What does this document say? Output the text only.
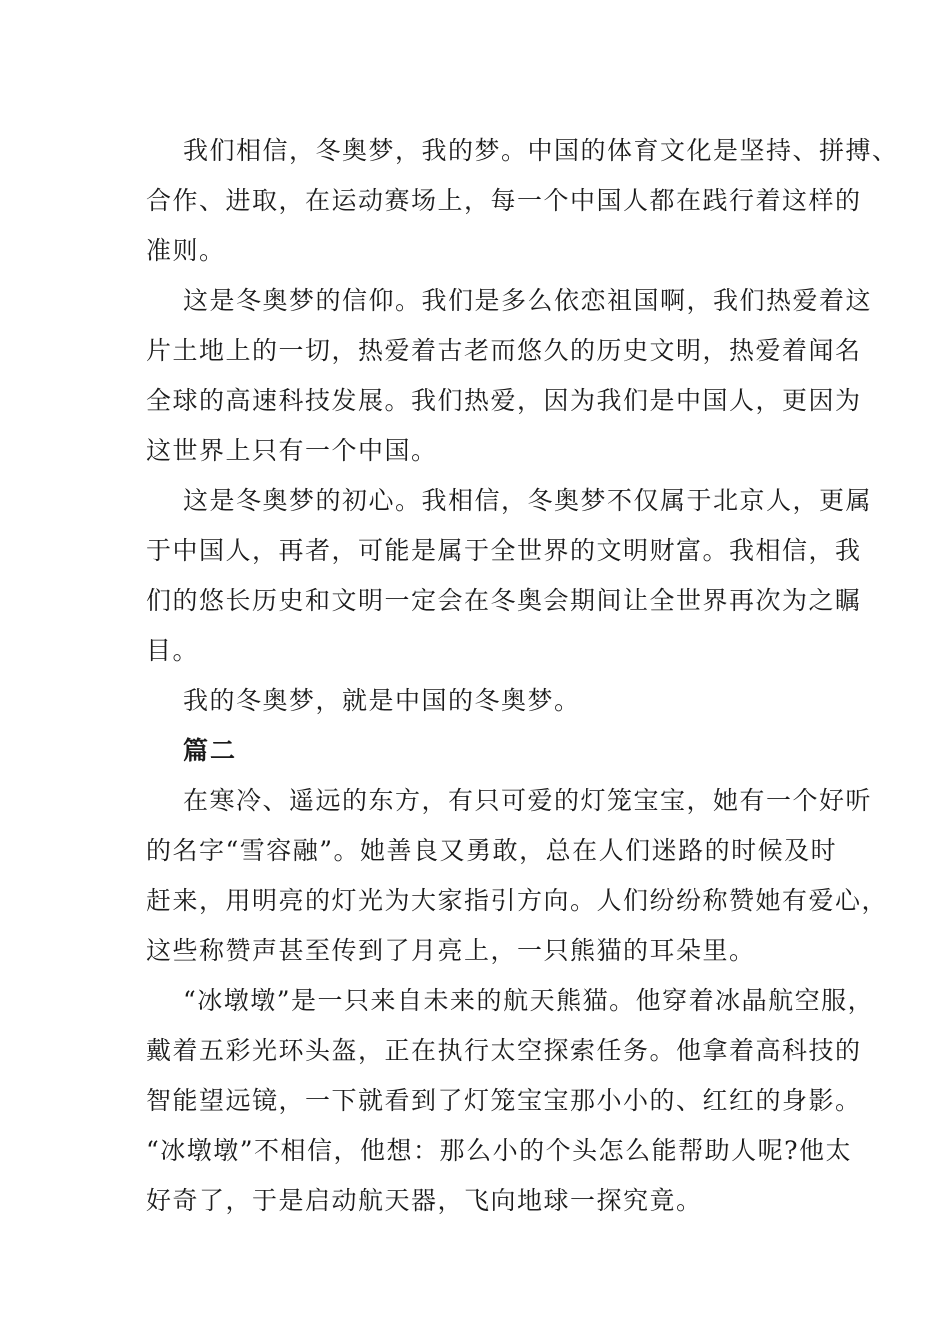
我们相信，冬奥梦，我的梦。中国的体育文化是坚持、拼搏、

合作、进取，在运动赛场上，每一个中国人都在践行着这样的

准则。

这是冬奥梦的信仰。我们是多么依恋祖国啊，我们热爱着这

片土地上的一切，热爱着古老而悠久的历史文明，热爱着闻名

全球的高速科技发展。我们热爱，因为我们是中国人，更因为

这世界上只有一个中国。

这是冬奥梦的初心。我相信，冬奥梦不仅属于北京人，更属

于中国人，再者，可能是属于全世界的文明财富。我相信，我

们的悠长历史和文明一定会在冬奥会期间让全世界再次为之瞩

目。

我的冬奥梦，就是中国的冬奥梦。

篇二

在寒冷、遥远的东方，有只可爱的灯笼宝宝，她有一个好听

的名字“雪容融”。她善良又勇敢，总在人们迷路的时候及时

赶来，用明亮的灯光为大家指引方向。人们纷纷称赞她有爱心，

这些称赞声甚至传到了月亮上，一只熊猫的耳朵里。

“冰墩墩”是一只来自未来的航天熊猫。他穿着冰晶航空服，

戴着五彩光环头盔，正在执行太空探索任务。他拿着高科技的

智能望远镜，一下就看到了灯笼宝宝那小小的、红红的身影。

“冰墩墩”不相信，他想：那么小的个头怎么能帮助人呢?他太

好奇了，于是启动航天器，飞向地球一探究竟。
